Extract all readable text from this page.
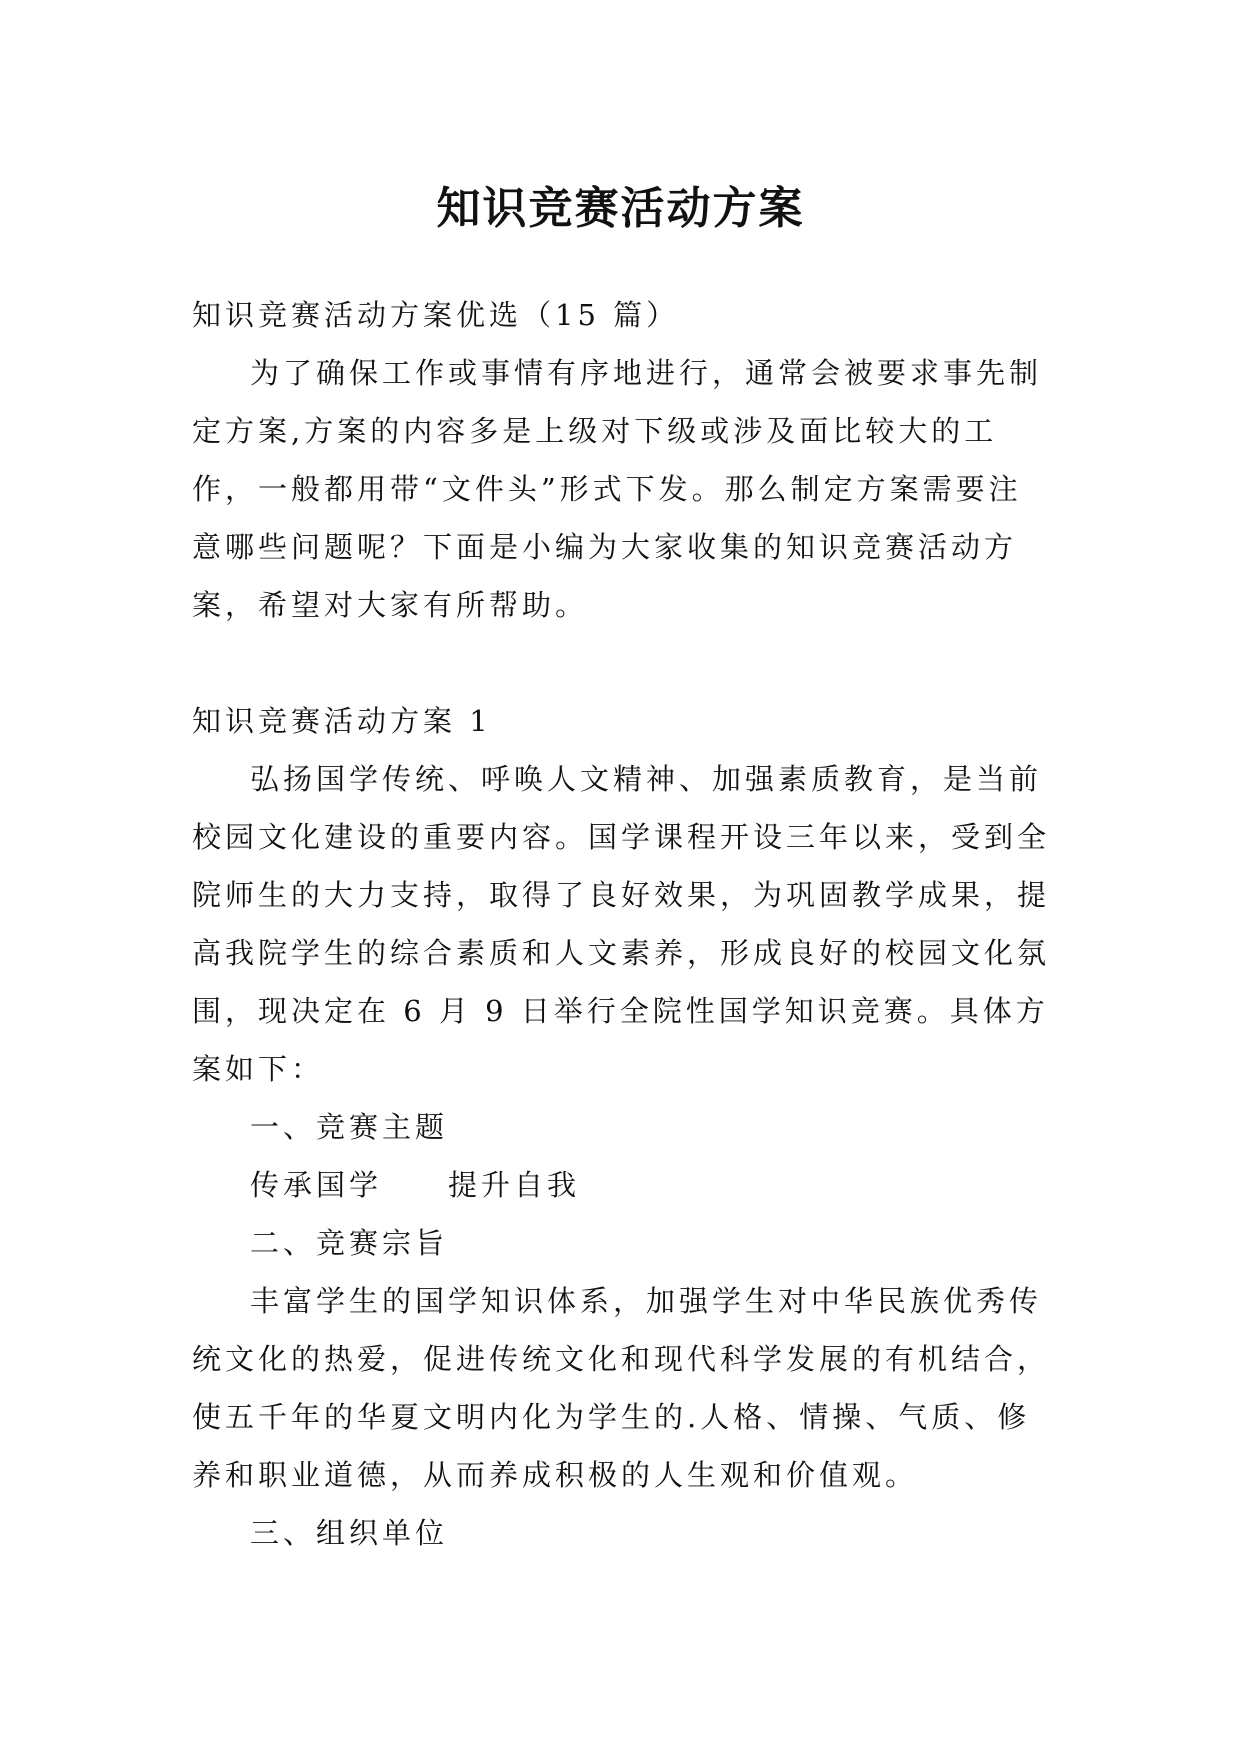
知识竞赛活动方案

知识竞赛活动方案优选（15 篇）

为了确保工作或事情有序地进行，通常会被要求事先制定方案,方案的内容多是上级对下级或涉及面比较大的工作，一般都用带“文件头”形式下发。那么制定方案需要注意哪些问题呢？下面是小编为大家收集的知识竞赛活动方案，希望对大家有所帮助。

知识竞赛活动方案 1

弘扬国学传统、呼唤人文精神、加强素质教育，是当前校园文化建设的重要内容。国学课程开设三年以来，受到全院师生的大力支持，取得了良好效果，为巩固教学成果，提高我院学生的综合素质和人文素养，形成良好的校园文化氛围，现决定在 6 月 9 日举行全院性国学知识竞赛。具体方案如下：

一、竞赛主题

传承国学　　提升自我

二、竞赛宗旨

丰富学生的国学知识体系，加强学生对中华民族优秀传统文化的热爱，促进传统文化和现代科学发展的有机结合，使五千年的华夏文明内化为学生的.人格、情操、气质、修养和职业道德，从而养成积极的人生观和价值观。

三、组织单位
